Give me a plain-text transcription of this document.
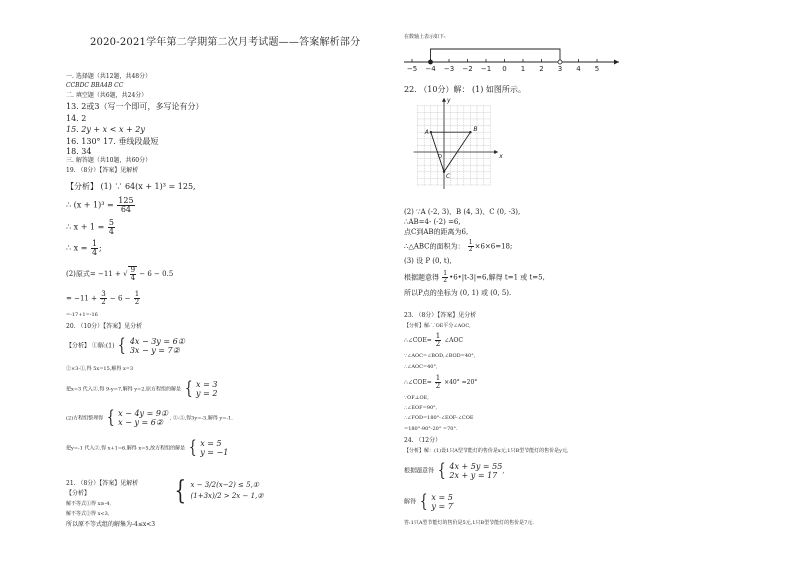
2020-2021学年第二学期第二次月考试题——答案解析部分
一. 选择题（共12题，共48分）
CCBDC BBA4B CC
二. 填空题（共6题，共24分）
13. 2或3（写一个即可，多写论有分）
14. 2
15. 2y + x < x + 2y
16. 130° 17. 垂线段最短
18. 34
三. 解答题（共10题，共60分）
19. （8分）【答案】见解析
【分析】 (1) ∵ 64(x + 1)³ = 125,
∴ $(x + 1)^3 = \frac{125}{64}$
∴ $x + 1 = \frac{5}{4}$
∴ $x = \frac{1}{4}$ ;
(2)原式= −11 + √ $\frac{9}{4} - 6 - 0.5$
= $-11 + \frac{3}{2} - 6 - \frac{1}{2}$
=-17+1=-16
20. （10分）【答案】见分析
【分析】 ①解:(1) { 4x − 3y = 6①
3x − y = 7②
②×3-①,得 5x=15,解得 x=3
把x=3 代入②,得 9-y=7,解得 y=2,原方程组的解是 { x = 3
y = 2
(2)方程组整理得 { x − 4y = 9①
x − y = 6②	, ②-①,得3y=-3,解得 y=-1.
把y=-1 代入②,得 x+1=6,解得 x=5,故方程组的解是 { x = 5
y = −1
21. （8分）【答案】见解析 { x − 3/2(x−2) ≤ 5,①
(1+3x)/2 > 2x − 1,②
【分析】
解不等式①得 x≥-4,
解不等式②得 x<3,
所以原不等式组的解集为-4≤x<3
在数轴上表示如下:
−5 −4 −3 −2 −1 0 1 2 3 4 5
22. （10分）解： (1) 如图所示。
x
y
O
A	B
C
(2) ∵A (-2, 3)、B (4, 3)、C (0, -3),
∴AB=4- (-2) =6,
点C到AB的距离为6,
∴△ABC的面积为： $\frac{1}{2} \times 6\times 6=18$;
(3) 设 P (0, t),
根据题意得 $\frac{1}{2}$ •6•|t-3|=6,解得 t=1 或 t=5,
所以P点的坐标为 (0, 1) 或 (0, 5).
23. （8分）【答案】见分析
【分析】解:∵OE平分∠AOC,
∴∠COE= $\frac{1}{2}$ ∠AOC
∵∠AOC=∠BOD,∠BOD=40°,
∴∠AOC=40°,
∴∠COE= $\frac{1}{2} \times 40^\circ =20^\circ$
∵OF⊥OE,
∴∠EOF=90°,
∴∠FOD=180°-∠EOF-∠COE
=180°-90°-20° =70°.
24. （12分）
【分析】解：(1)设1只A型节能灯的售价是x元,1只B型节能灯的售价是y元,
根据题意得 { 4x + 5y = 55
2x + y = 17 ,
解得 { x = 5
y = 7 .
答:1只A型节能灯的售价是5元,1只B型节能灯的售价是7元.
